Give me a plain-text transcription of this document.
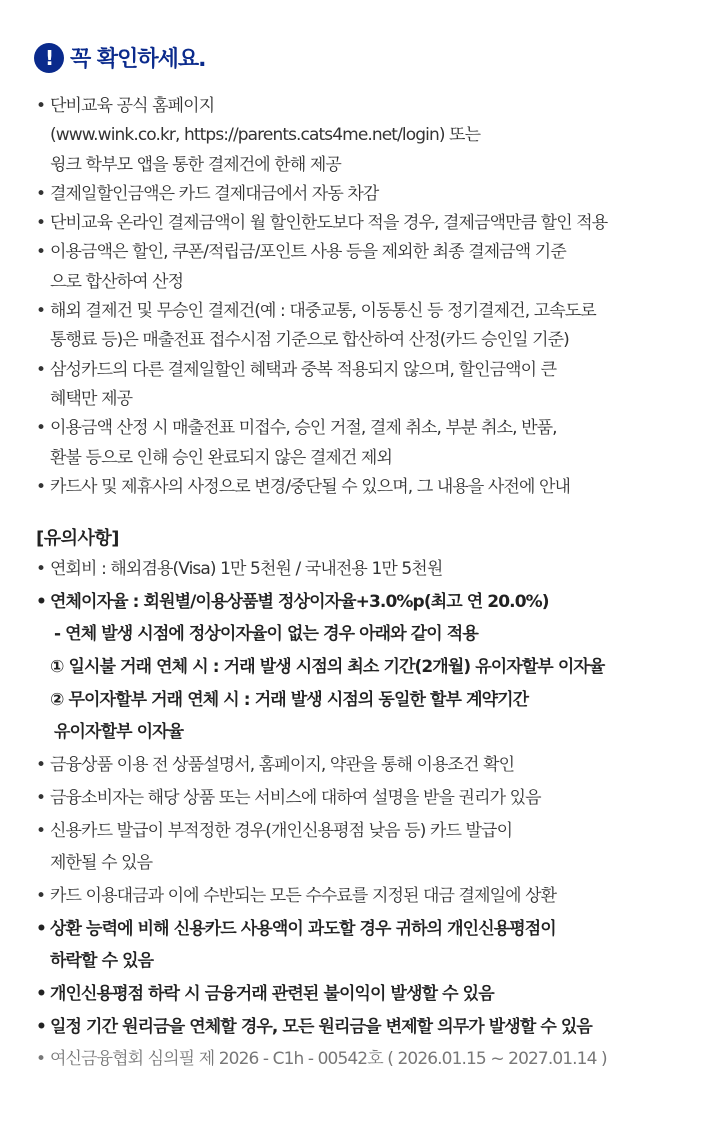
! 꼭 확인하세요.
• 단비교육 공식 홈페이지
(www.wink.co.kr, https://parents.cats4me.net/login) 또는
윙크 학부모 앱을 통한 결제건에 한해 제공
• 결제일할인금액은 카드 결제대금에서 자동 차감
• 단비교육 온라인 결제금액이 월 할인한도보다 적을 경우, 결제금액만큼 할인 적용
• 이용금액은 할인, 쿠폰/적립금/포인트 사용 등을 제외한 최종 결제금액 기준
으로 합산하여 산정
• 해외 결제건 및 무승인 결제건(예 : 대중교통, 이동통신 등 정기결제건, 고속도로
통행료 등)은 매출전표 접수시점 기준으로 합산하여 산정(카드 승인일 기준)
• 삼성카드의 다른 결제일할인 혜택과 중복 적용되지 않으며, 할인금액이 큰
혜택만 제공
• 이용금액 산정 시 매출전표 미접수, 승인 거절, 결제 취소, 부분 취소, 반품,
환불 등으로 인해 승인 완료되지 않은 결제건 제외
• 카드사 및 제휴사의 사정으로 변경/중단될 수 있으며, 그 내용을 사전에 안내
[유의사항]
• 연회비 : 해외겸용(Visa) 1만 5천원 / 국내전용 1만 5천원
• 연체이자율 : 회원별/이용상품별 정상이자율+3.0%p(최고 연 20.0%)
- 연체 발생 시점에 정상이자율이 없는 경우 아래와 같이 적용
① 일시불 거래 연체 시 : 거래 발생 시점의 최소 기간(2개월) 유이자할부 이자율
② 무이자할부 거래 연체 시 : 거래 발생 시점의 동일한 할부 계약기간
유이자할부 이자율
• 금융상품 이용 전 상품설명서, 홈페이지, 약관을 통해 이용조건 확인
• 금융소비자는 해당 상품 또는 서비스에 대하여 설명을 받을 권리가 있음
• 신용카드 발급이 부적정한 경우(개인신용평점 낮음 등) 카드 발급이
제한될 수 있음
• 카드 이용대금과 이에 수반되는 모든 수수료를 지정된 대금 결제일에 상환
• 상환 능력에 비해 신용카드 사용액이 과도할 경우 귀하의 개인신용평점이
하락할 수 있음
• 개인신용평점 하락 시 금융거래 관련된 불이익이 발생할 수 있음
• 일정 기간 원리금을 연체할 경우, 모든 원리금을 변제할 의무가 발생할 수 있음
• 여신금융협회 심의필 제 2026 - C1h - 00542호 ( 2026.01.15 ~ 2027.01.14 )
